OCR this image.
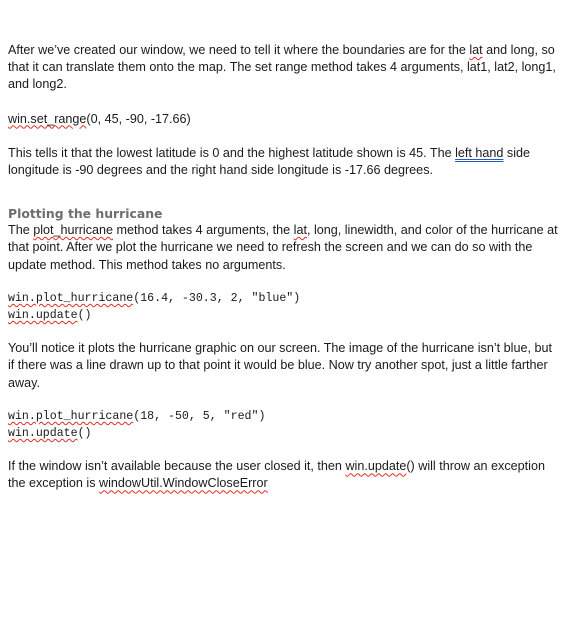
After we’ve created our window, we need to tell it where the boundaries are for the lat and long, so that it can translate them onto the map. The set range method takes 4 arguments, lat1, lat2, long1, and long2.

win.set_range(0, 45, -90, -17.66)

This tells it that the lowest latitude is 0 and the highest latitude shown is 45. The left hand side longitude is -90 degrees and the right hand side longitude is -17.66 degrees.

Plotting the hurricane

The plot_hurricane method takes 4 arguments, the lat, long, linewidth, and color of the hurricane at that point. After we plot the hurricane we need to refresh the screen and we can do so with the update method. This method takes no arguments.

win.plot_hurricane(16.4, -30.3, 2, "blue")

win.update()

You’ll notice it plots the hurricane graphic on our screen. The image of the hurricane isn’t blue, but if there was a line drawn up to that point it would be blue. Now try another spot, just a little farther away.

win.plot_hurricane(18, -50, 5, "red")

win.update()

If the window isn’t available because the user closed it, then win.update() will throw an exception the exception is windowUtil.WindowCloseError
